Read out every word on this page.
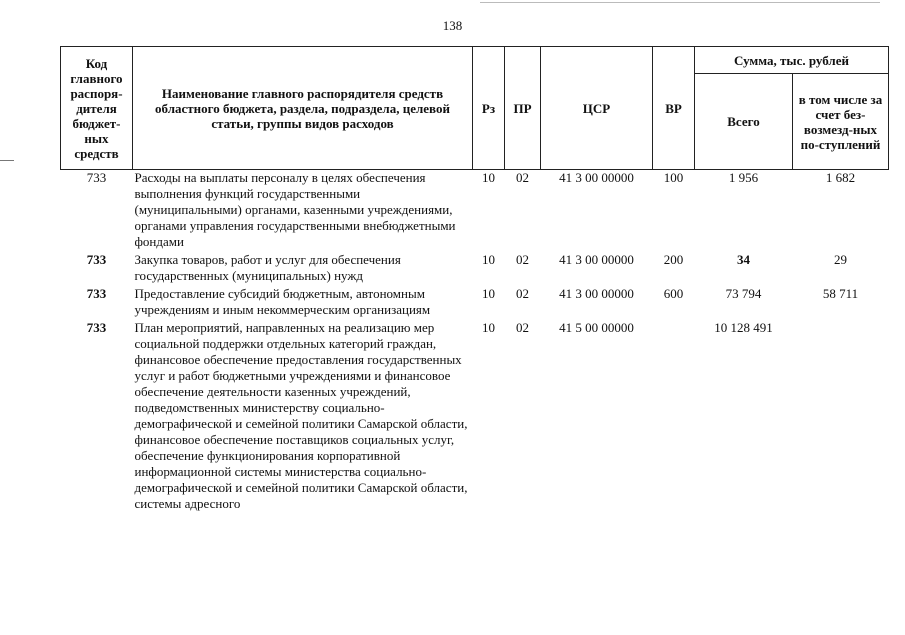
138
Код главного распоря-дителя бюджет-ных средств	Наименование главного распорядителя средств областного бюджета, раздела, подраздела, целевой статьи, группы видов расходов	Рз	ПР	ЦСР	ВР	Сумма, тыс. рублей	
						Всего	в том числе за счет без-возмезд-ных по-ступлений
733	Расходы на выплаты персоналу в целях обеспечения выполнения функций государственными (муниципальными) органами, казенными учреждениями, органами управления государственными внебюджетными фондами	10	02	41 3 00 00000	100	1 956	1 682
733	Закупка товаров, работ и услуг для обеспечения государственных (муниципальных) нужд	10	02	41 3 00 00000	200	34	29
733	Предоставление субсидий бюджетным, автономным учреждениям и иным некоммерческим организациям	10	02	41 3 00 00000	600	73 794	58 711
733	План мероприятий, направленных на реализацию мер социальной поддержки отдельных категорий граждан, финансовое обеспечение предоставления государственных услуг и работ бюджетными учреждениями и финансовое обеспечение деятельности казенных учреждений, подведомственных министерству социально-демографической и семейной политики Самарской области, финансовое обеспечение поставщиков социальных услуг, обеспечение функционирования корпоративной информационной системы министерства социально-демографической и семейной политики Самарской области, системы адресного	10	02	41 5 00 00000		10 128 491	
